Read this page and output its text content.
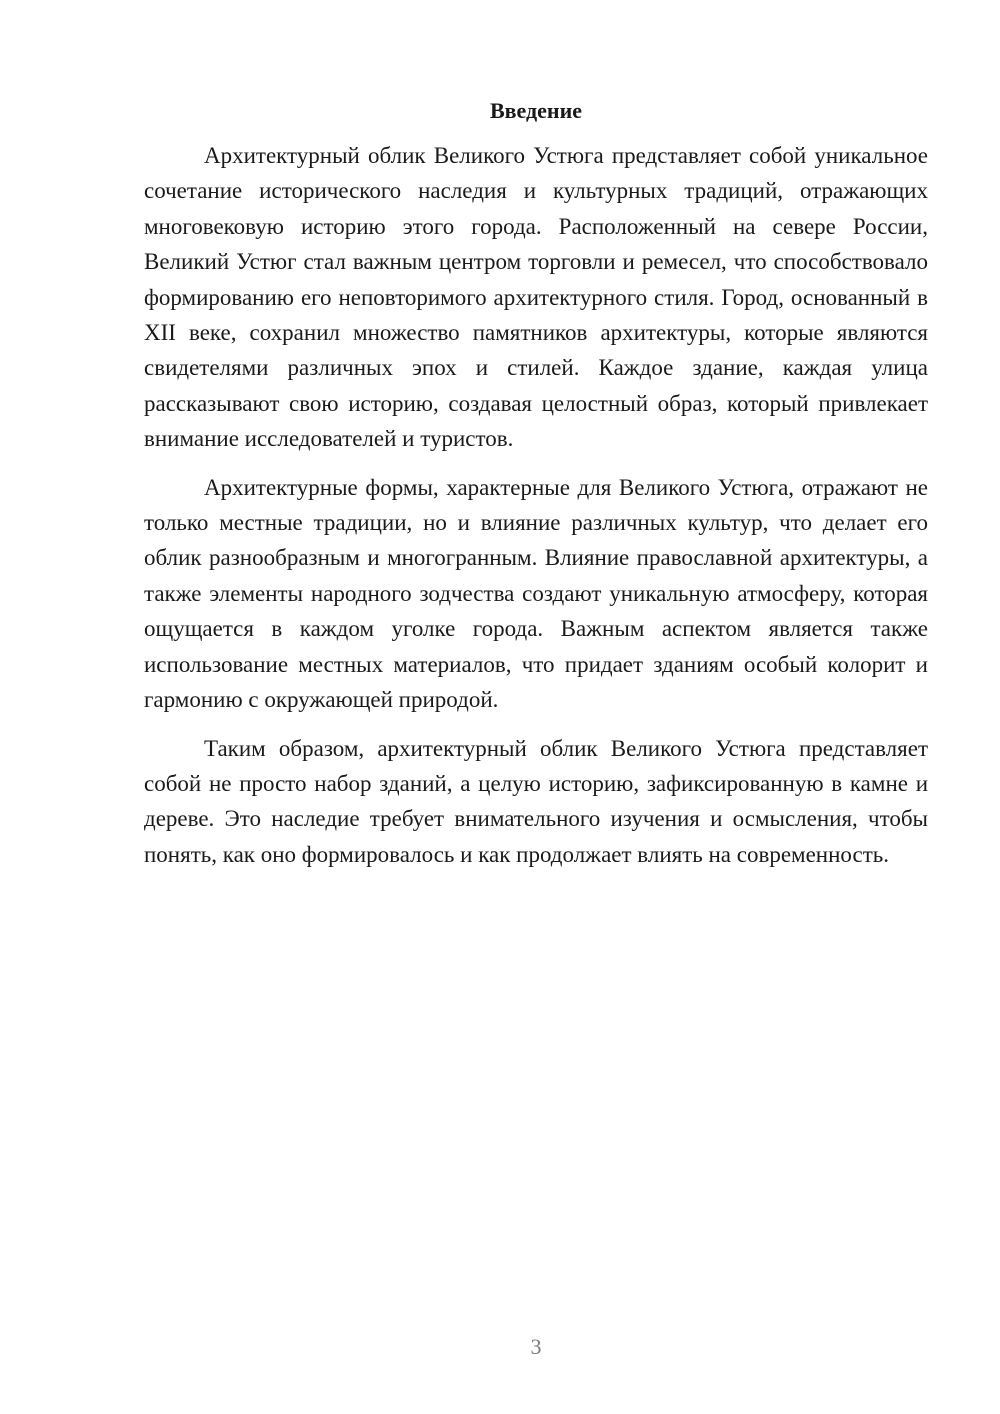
Введение

Архитектурный облик Великого Устюга представляет собой уникальное сочетание исторического наследия и культурных традиций, отражающих многовековую историю этого города. Расположенный на севере России, Великий Устюг стал важным центром торговли и ремесел, что способствовало формированию его неповторимого архитектурного стиля. Город, основанный в XII веке, сохранил множество памятников архитектуры, которые являются свидетелями различных эпох и стилей. Каждое здание, каждая улица рассказывают свою историю, создавая целостный образ, который привлекает внимание исследователей и туристов.

Архитектурные формы, характерные для Великого Устюга, отражают не только местные традиции, но и влияние различных культур, что делает его облик разнообразным и многогранным. Влияние православной архитектуры, а также элементы народного зодчества создают уникальную атмосферу, которая ощущается в каждом уголке города. Важным аспектом является также использование местных материалов, что придает зданиям особый колорит и гармонию с окружающей природой.

Таким образом, архитектурный облик Великого Устюга представляет собой не просто набор зданий, а целую историю, зафиксированную в камне и дереве. Это наследие требует внимательного изучения и осмысления, чтобы понять, как оно формировалось и как продолжает влиять на современность.

3
